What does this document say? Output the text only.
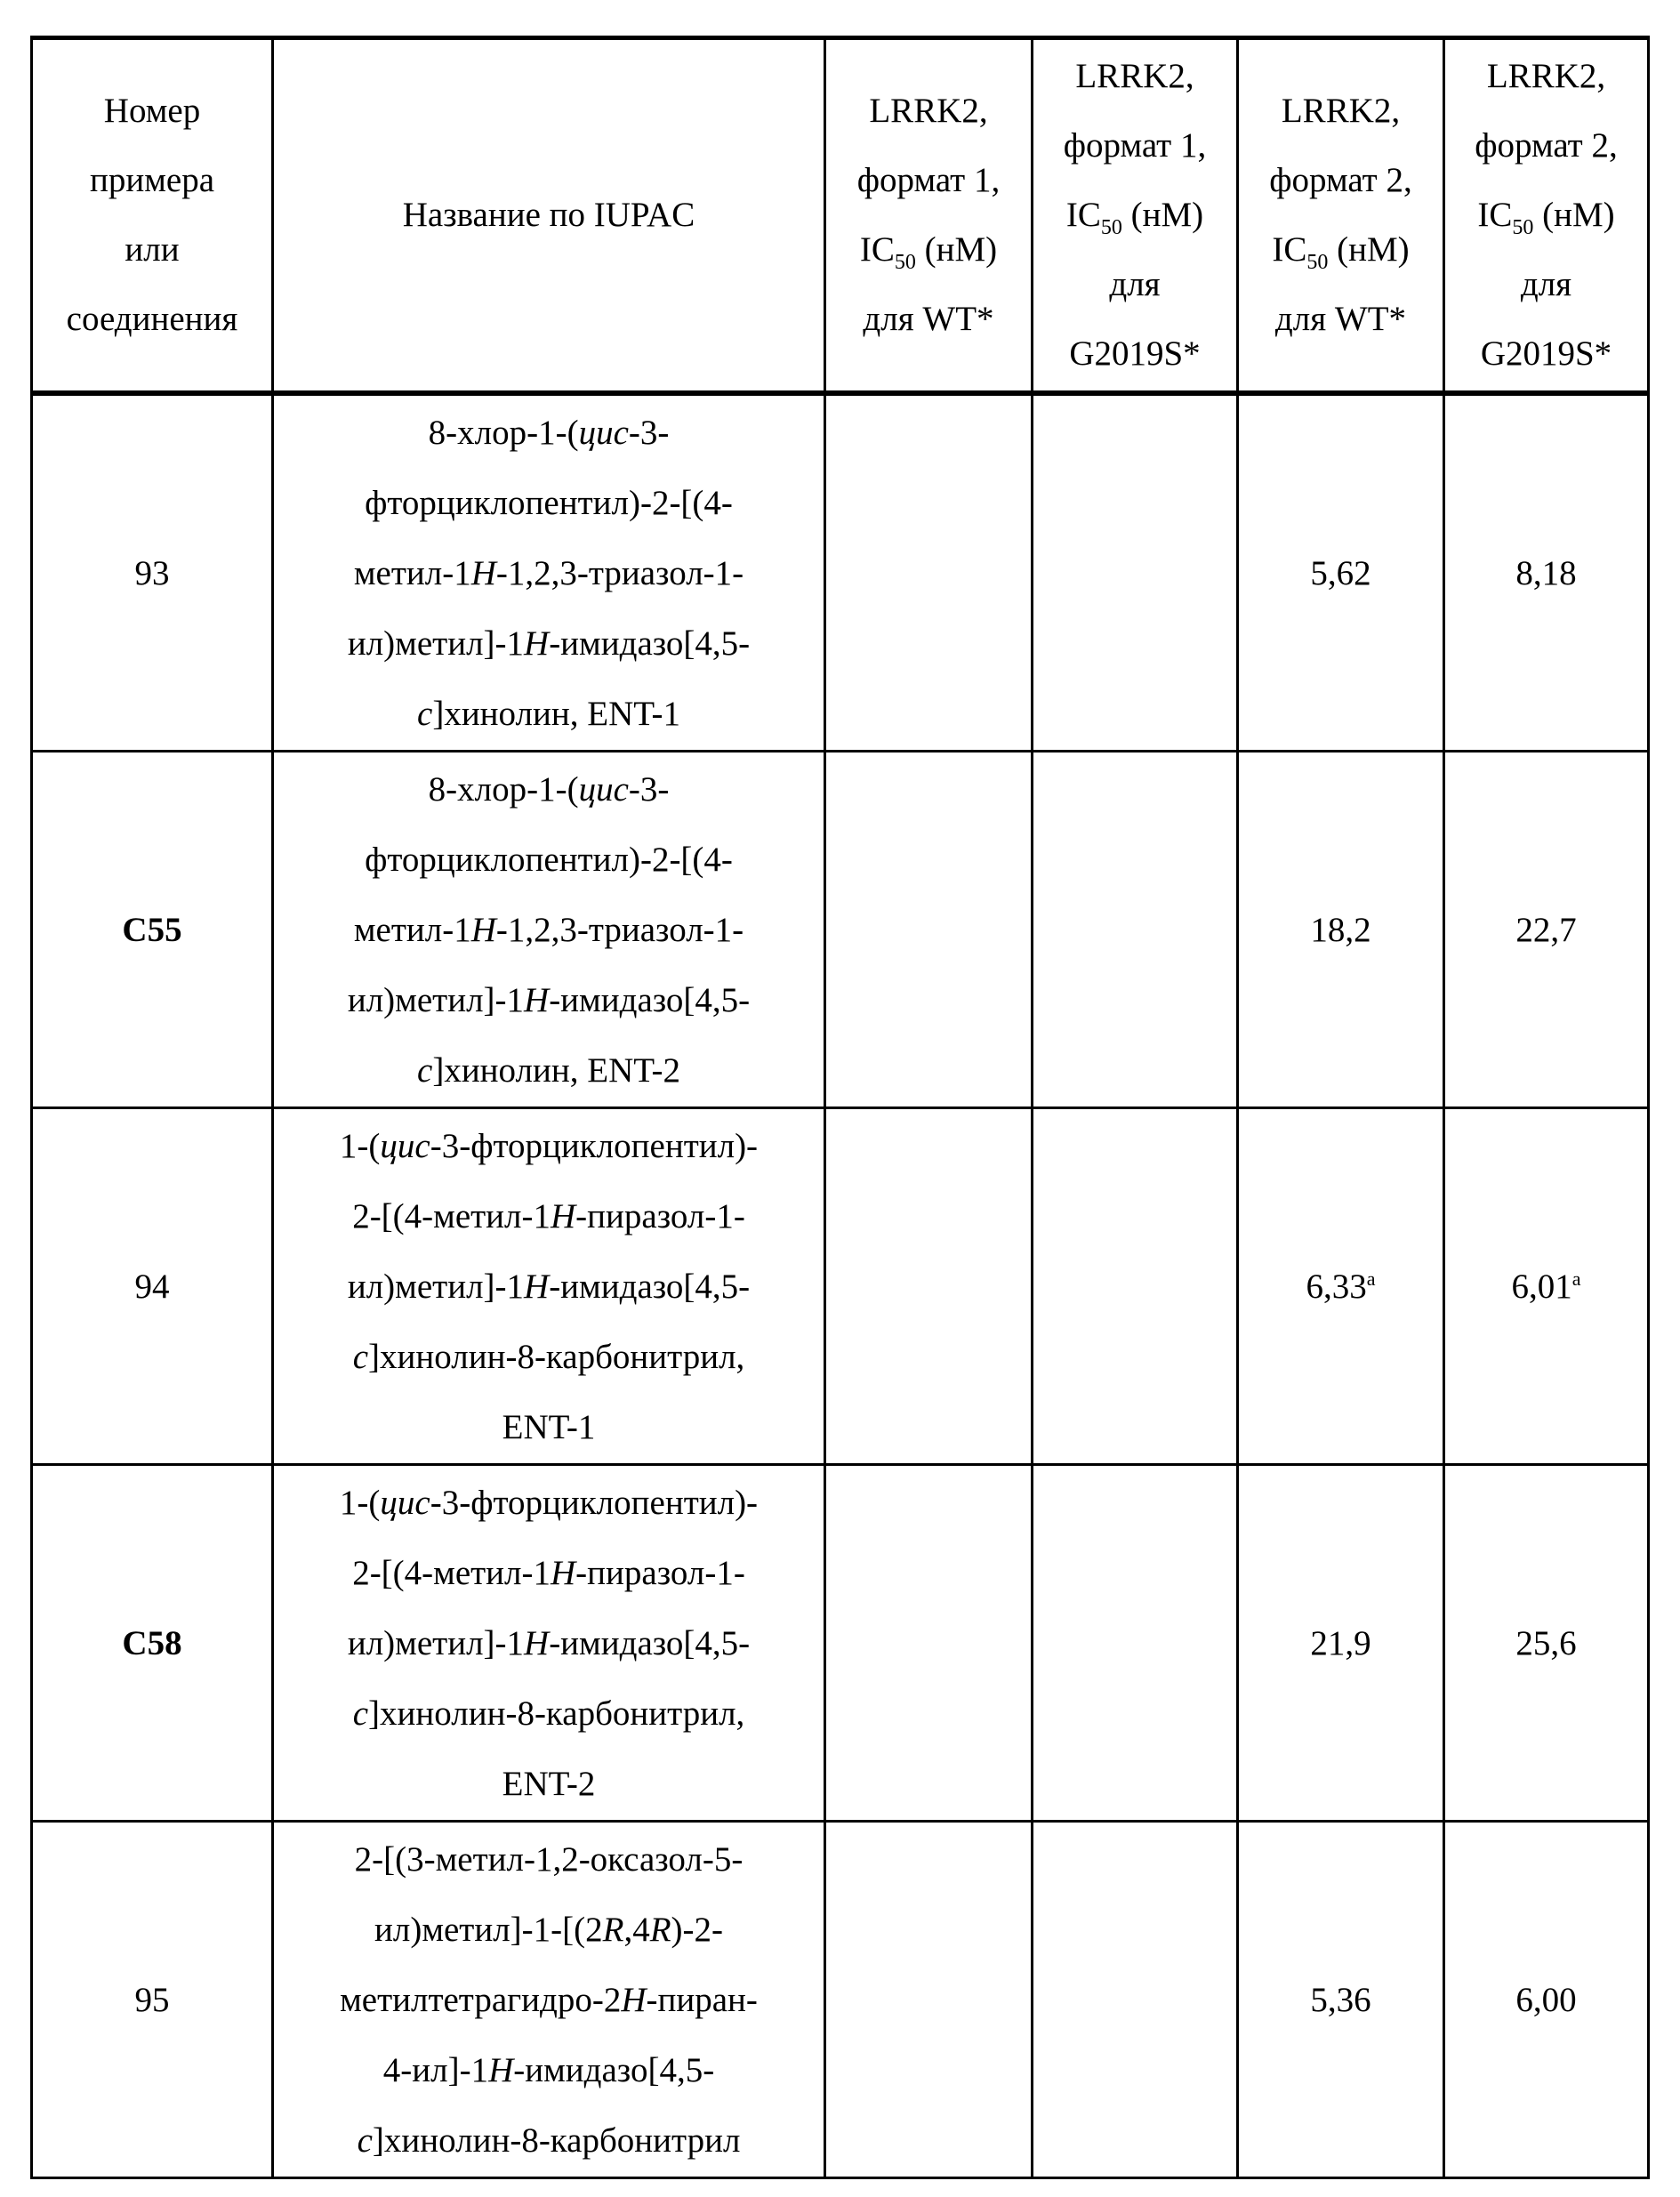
Номер
примера
или
соединения	Название по IUPAC	LRRK2,
формат 1,
IC50 (нМ)
для WT*	LRRK2,
формат 1,
IC50 (нМ)
для
G2019S*	LRRK2,
формат 2,
IC50 (нМ)
для WT*	LRRK2,
формат 2,
IC50 (нМ)
для
G2019S*
93	8-хлор-1-(цис-3-
фторциклопентил)-2-[(4-
метил-1H-1,2,3-триазол-1-
ил)метил]-1H-имидазо[4,5-
c]хинолин, ENT-1			5,62	8,18
C55	8-хлор-1-(цис-3-
фторциклопентил)-2-[(4-
метил-1H-1,2,3-триазол-1-
ил)метил]-1H-имидазо[4,5-
c]хинолин, ENT-2			18,2	22,7
94	1-(цис-3-фторциклопентил)-
2-[(4-метил-1H-пиразол-1-
ил)метил]-1H-имидазо[4,5-
c]хинолин-8-карбонитрил,
ENT-1			6,33a	6,01a
C58	1-(цис-3-фторциклопентил)-
2-[(4-метил-1H-пиразол-1-
ил)метил]-1H-имидазо[4,5-
c]хинолин-8-карбонитрил,
ENT-2			21,9	25,6
95	2-[(3-метил-1,2-оксазол-5-
ил)метил]-1-[(2R,4R)-2-
метилтетрагидро-2H-пиран-
4-ил]-1H-имидазо[4,5-
c]хинолин-8-карбонитрил			5,36	6,00
